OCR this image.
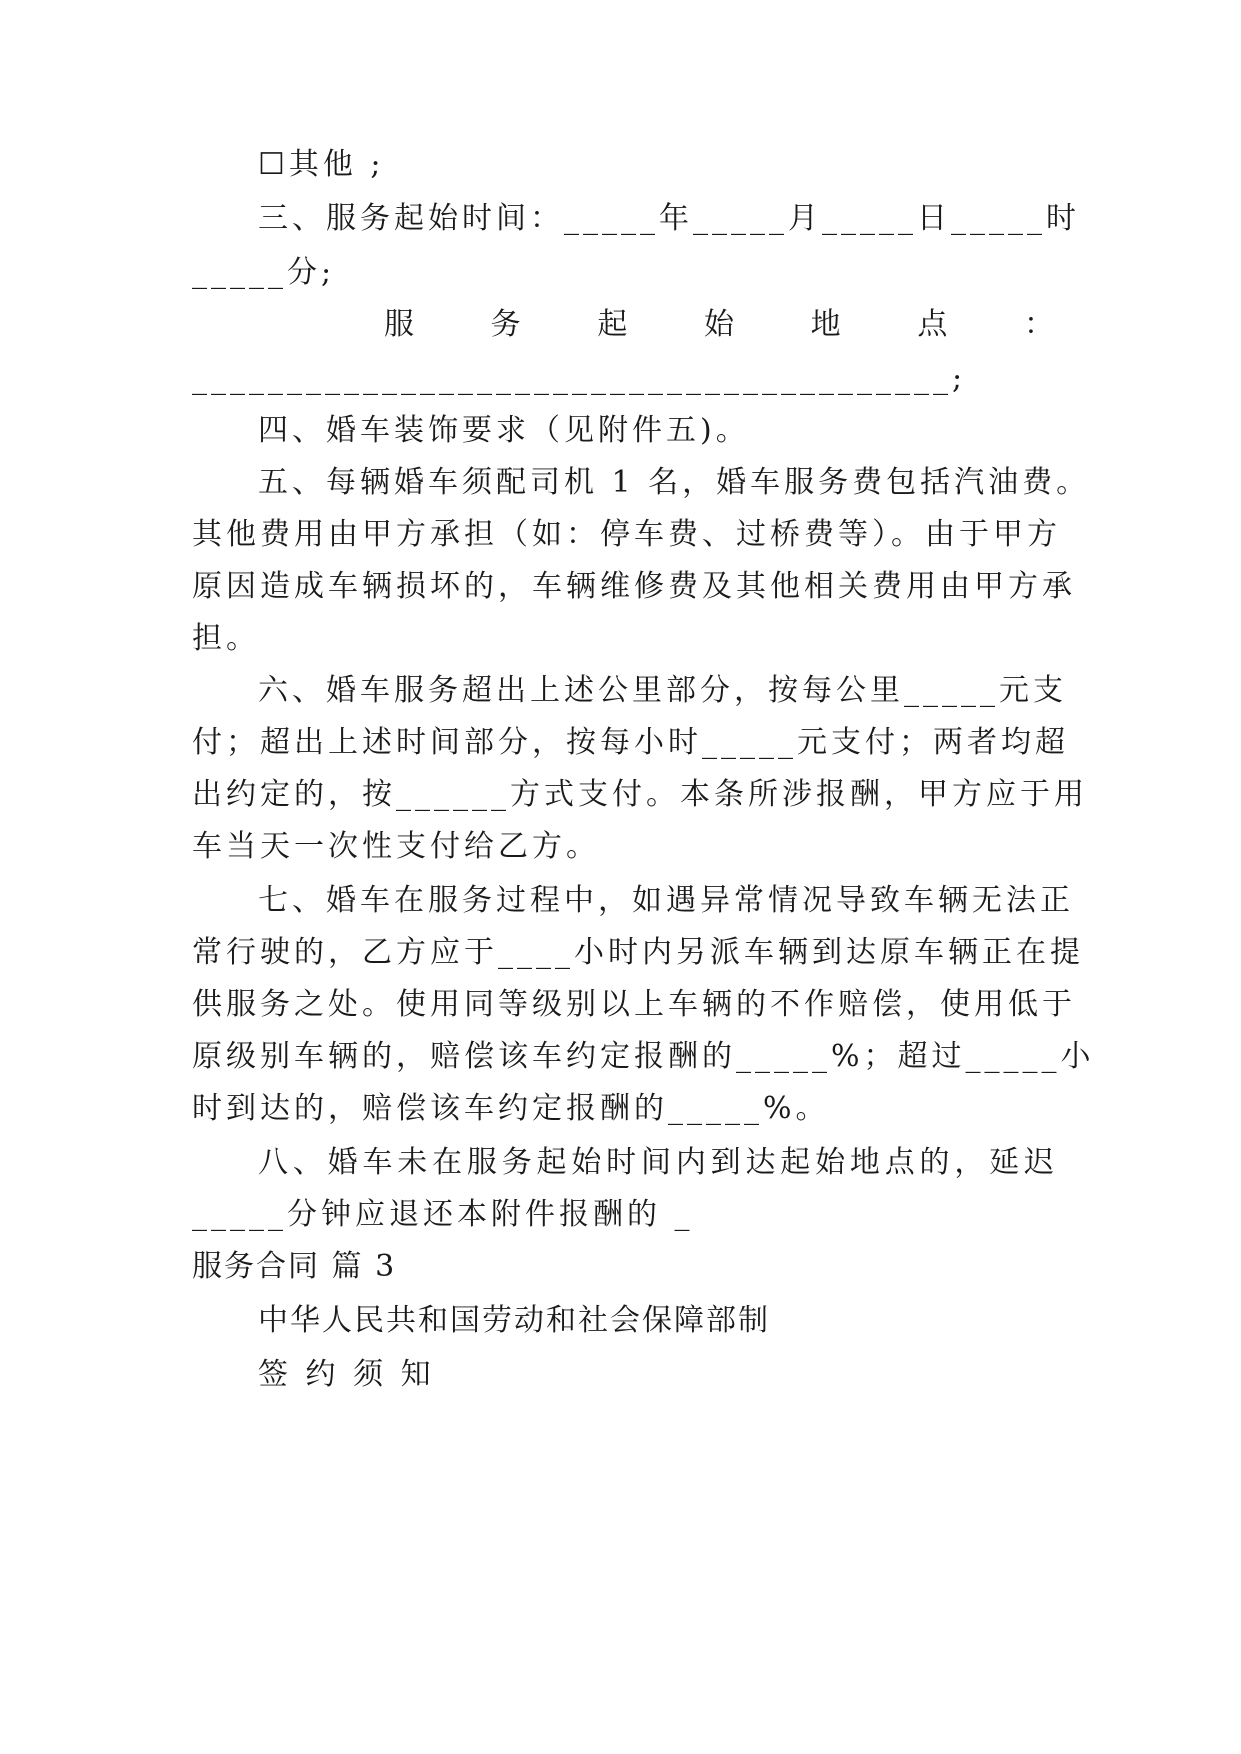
☐其他 ;
三、服务起始时间：_____年_____月_____日_____时
_____分;
服 务 起 始 地 点 ：
________________________________________;
四、婚车装饰要求（见附件五)。
五、每辆婚车须配司机 1 名，婚车服务费包括汽油费。
其他费用由甲方承担（如：停车费、过桥费等）。由于甲方
原因造成车辆损坏的，车辆维修费及其他相关费用由甲方承
担。
六、婚车服务超出上述公里部分，按每公里_____元支
付；超出上述时间部分，按每小时_____元支付；两者均超
出约定的，按______方式支付。本条所涉报酬，甲方应于用
车当天一次性支付给乙方。
七、婚车在服务过程中，如遇异常情况导致车辆无法正
常行驶的，乙方应于____小时内另派车辆到达原车辆正在提
供服务之处。使用同等级别以上车辆的不作赔偿，使用低于
原级别车辆的，赔偿该车约定报酬的_____%；超过_____小
时到达的，赔偿该车约定报酬的_____%。
八、婚车未在服务起始时间内到达起始地点的，延迟
_____分钟应退还本附件报酬的 _
服务合同 篇 3
中华人民共和国劳动和社会保障部制
签 约 须 知
